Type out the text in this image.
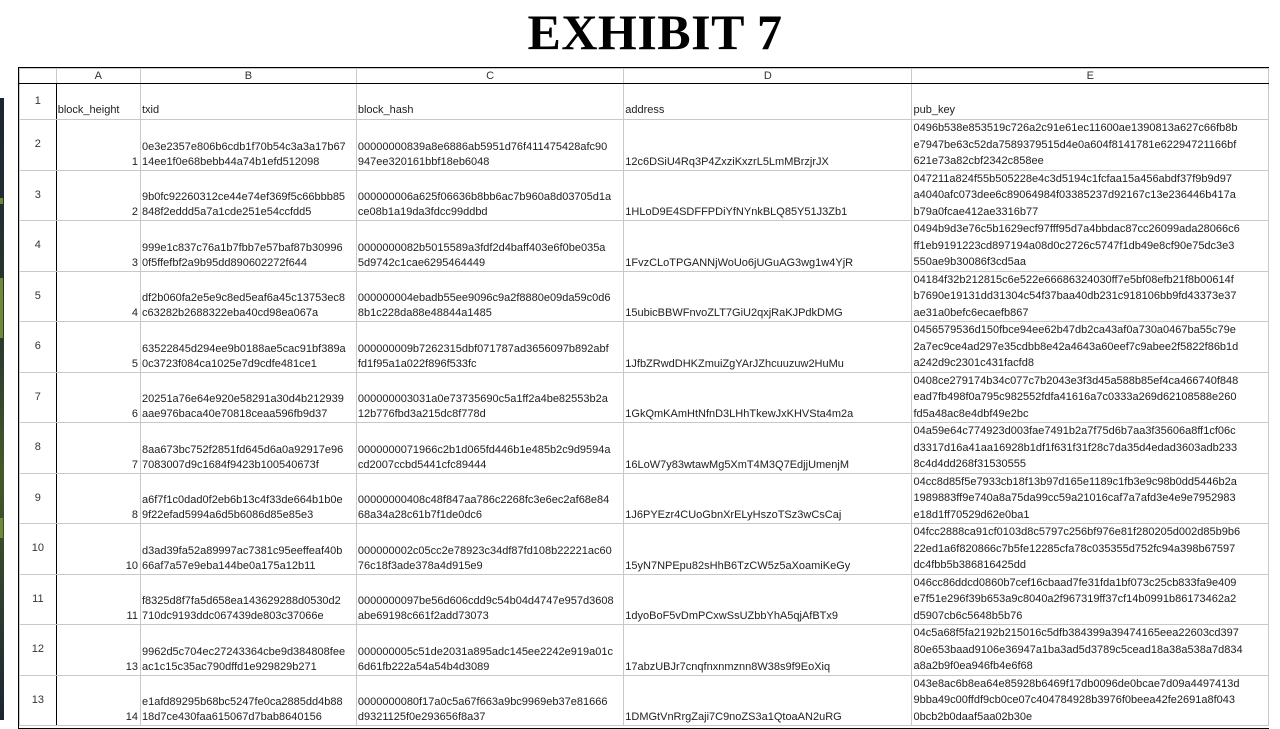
EXHIBIT 7
	A	B	C	D	E
1	block_height	txid	block_hash	address	pub_key
2	1	0e3e2357e806b6cdb1f70b54c3a3a17b67
14ee1f0e68bebb44a74b1efd512098	00000000839a8e6886ab5951d76f411475428afc90
947ee320161bbf18eb6048	12c6DSiU4Rq3P4ZxziKxzrL5LmMBrzjrJX	0496b538e853519c726a2c91e61ec11600ae1390813a627c66fb8b
e7947be63c52da7589379515d4e0a604f8141781e62294721166bf
621e73a82cbf2342c858ee
3	2	9b0fc92260312ce44e74ef369f5c66bbb85
848f2eddd5a7a1cde251e54ccfdd5	000000006a625f06636b8bb6ac7b960a8d03705d1a
ce08b1a19da3fdcc99ddbd	1HLoD9E4SDFFPDiYfNYnkBLQ85Y51J3Zb1	047211a824f55b505228e4c3d5194c1fcfaa15a456abdf37f9b9d97
a4040afc073dee6c89064984f03385237d92167c13e236446b417a
b79a0fcae412ae3316b77
4	3	999e1c837c76a1b7fbb7e57baf87b30996
0f5ffefbf2a9b95dd890602272f644	0000000082b5015589a3fdf2d4baff403e6f0be035a
5d9742c1cae6295464449	1FvzCLoTPGANNjWoUo6jUGuAG3wg1w4YjR	0494b9d3e76c5b1629ecf97fff95d7a4bbdac87cc26099ada28066c6
ff1eb9191223cd897194a08d0c2726c5747f1db49e8cf90e75dc3e3
550ae9b30086f3cd5aa
5	4	df2b060fa2e5e9c8ed5eaf6a45c13753ec8
c63282b2688322eba40cd98ea067a	000000004ebadb55ee9096c9a2f8880e09da59c0d6
8b1c228da88e48844a1485	15ubicBBWFnvoZLT7GiU2qxjRaKJPdkDMG	04184f32b212815c6e522e66686324030ff7e5bf08efb21f8b00614f
b7690e19131dd31304c54f37baa40db231c918106bb9fd43373e37
ae31a0befc6ecaefb867
6	5	63522845d294ee9b0188ae5cac91bf389a
0c3723f084ca1025e7d9cdfe481ce1	000000009b7262315dbf071787ad3656097b892abf
fd1f95a1a022f896f533fc	1JfbZRwdDHKZmuiZgYArJZhcuuzuw2HuMu	0456579536d150fbce94ee62b47db2ca43af0a730a0467ba55c79e
2a7ec9ce4ad297e35cdbb8e42a4643a60eef7c9abee2f5822f86b1d
a242d9c2301c431facfd8
7	6	20251a76e64e920e58291a30d4b212939
aae976baca40e70818ceaa596fb9d37	000000003031a0e73735690c5a1ff2a4be82553b2a
12b776fbd3a215dc8f778d	1GkQmKAmHtNfnD3LHhTkewJxKHVSta4m2a	0408ce279174b34c077c7b2043e3f3d45a588b85ef4ca466740f848
ead7fb498f0a795c982552fdfa41616a7c0333a269d62108588e260
fd5a48ac8e4dbf49e2bc
8	7	8aa673bc752f2851fd645d6a0a92917e96
7083007d9c1684f9423b100540673f	0000000071966c2b1d065fd446b1e485b2c9d9594a
cd2007ccbd5441cfc89444	16LoW7y83wtawMg5XmT4M3Q7EdjjUmenjM	04a59e64c774923d003fae7491b2a7f75d6b7aa3f35606a8ff1cf06c
d3317d16a41aa16928b1df1f631f31f28c7da35d4edad3603adb233
8c4d4dd268f31530555
9	8	a6f7f1c0dad0f2eb6b13c4f33de664b1b0e
9f22efad5994a6d5b6086d85e85e3	00000000408c48f847aa786c2268fc3e6ec2af68e84
68a34a28c61b7f1de0dc6	1J6PYEzr4CUoGbnXrELyHszoTSz3wCsCaj	04cc8d85f5e7933cb18f13b97d165e1189c1fb3e9c98b0dd5446b2a
1989883ff9e740a8a75da99cc59a21016caf7a7afd3e4e9e7952983
e18d1ff70529d62e0ba1
10	10	d3ad39fa52a89997ac7381c95eeffeaf40b
66af7a57e9eba144be0a175a12b11	000000002c05cc2e78923c34df87fd108b22221ac60
76c18f3ade378a4d915e9	15yN7NPEpu82sHhB6TzCW5z5aXoamiKeGy	04fcc2888ca91cf0103d8c5797c256bf976e81f280205d002d85b9b6
22ed1a6f820866c7b5fe12285cfa78c035355d752fc94a398b67597
dc4fbb5b386816425dd
11	11	f8325d8f7fa5d658ea143629288d0530d2
710dc9193ddc067439de803c37066e	0000000097be56d606cdd9c54b04d4747e957d3608
abe69198c661f2add73073	1dyoBoF5vDmPCxwSsUZbbYhA5qjAfBTx9	046cc86ddcd0860b7cef16cbaad7fe31fda1bf073c25cb833fa9e409
e7f51e296f39b653a9c8040a2f967319ff37cf14b0991b86173462a2
d5907cb6c5648b5b76
12	13	9962d5c704ec27243364cbe9d384808fee
ac1c15c35ac790dffd1e929829b271	000000005c51de2031a895adc145ee2242e919a01c
6d61fb222a54a54b4d3089	17abzUBJr7cnqfnxnmznn8W38s9f9EoXiq	04c5a68f5fa2192b215016c5dfb384399a39474165eea22603cd397
80e653baad9106e36947a1ba3ad5d3789c5cead18a38a538a7d834
a8a2b9f0ea946fb4e6f68
13	14	e1afd89295b68bc5247fe0ca2885dd4b88
18d7ce430faa615067d7bab8640156	0000000080f17a0c5a67f663a9bc9969eb37e81666
d9321125f0e293656f8a37	1DMGtVnRrgZaji7C9noZS3a1QtoaAN2uRG	043e8ac6b8ea64e85928b6469f17db0096de0bcae7d09a4497413d
9bba49c00ffdf9cb0ce07c404784928b3976f0beea42fe2691a8f043
0bcb2b0daaf5aa02b30e
